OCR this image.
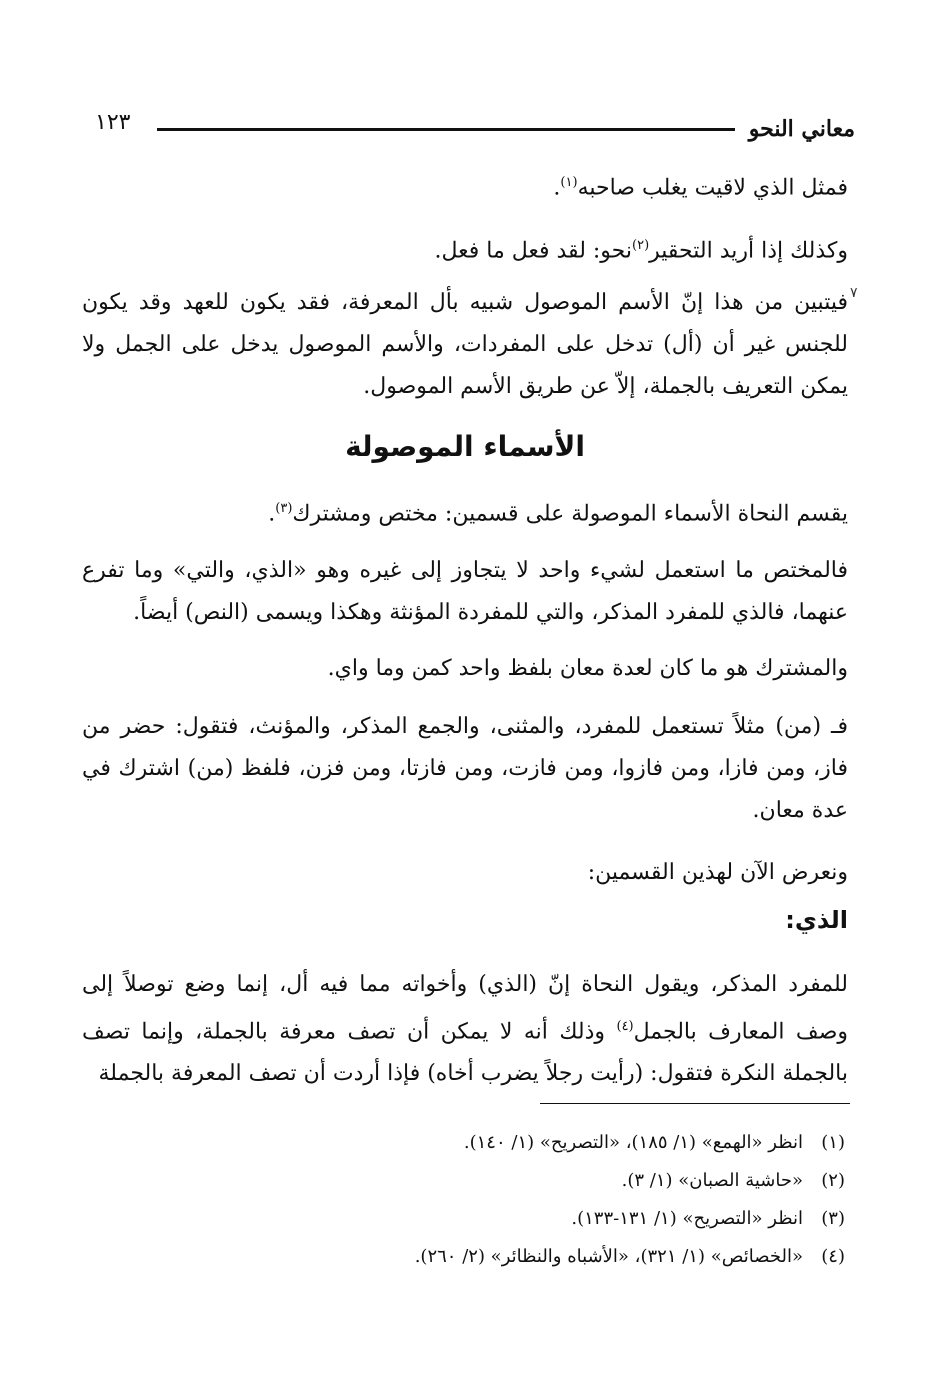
١٢٣	معاني النحو
فمثل الذي لاقيت يغلب صاحبه$^{(١)}$.
وكذلك إذا أريد التحقير$^{(٢)}$نحو: لقد فعل ما فعل.
٧
فيتبين من هذا إنّ الأسم الموصول شبيه بأل المعرفة، فقد يكون للعهد وقد يكون للجنس غير أن (أل) تدخل على المفردات، والأسم الموصول يدخل على الجمل ولا يمكن التعريف بالجملة، إلاّ عن طريق الأسم الموصول.
الأسماء الموصولة
يقسم النحاة الأسماء الموصولة على قسمين: مختص ومشترك$^{(٣)}$.
فالمختص ما استعمل لشيء واحد لا يتجاوز إلى غيره وهو «الذي، والتي» وما تفرع عنهما، فالذي للمفرد المذكر، والتي للمفردة المؤنثة وهكذا ويسمى (النص) أيضاً.
والمشترك هو ما كان لعدة معان بلفظ واحد كمن وما واي.
فـ (من) مثلاً تستعمل للمفرد، والمثنى، والجمع المذكر، والمؤنث، فتقول: حضر من فاز، ومن فازا، ومن فازوا، ومن فازت، ومن فازتا، ومن فزن، فلفظ (من) اشترك في عدة معان.
ونعرض الآن لهذين القسمين:
الذي:
للمفرد المذكر، ويقول النحاة إنّ (الذي) وأخواته مما فيه أل، إنما وضع توصلاً إلى وصف المعارف بالجمل$^{(٤)}$ وذلك أنه لا يمكن أن تصف معرفة بالجملة، وإنما تصف بالجملة النكرة فتقول: (رأيت رجلاً يضرب أخاه) فإذا أردت أن تصف المعرفة بالجملة
(١)انظر «الهمع» (١/ ١٨٥)، «التصريح» (١/ ١٤٠).
(٢)«حاشية الصبان» (١/ ٣).
(٣)انظر «التصريح» (١/ ١٣١-١٣٣).
(٤)«الخصائص» (١/ ٣٢١)، «الأشباه والنظائر» (٢/ ٢٦٠).
